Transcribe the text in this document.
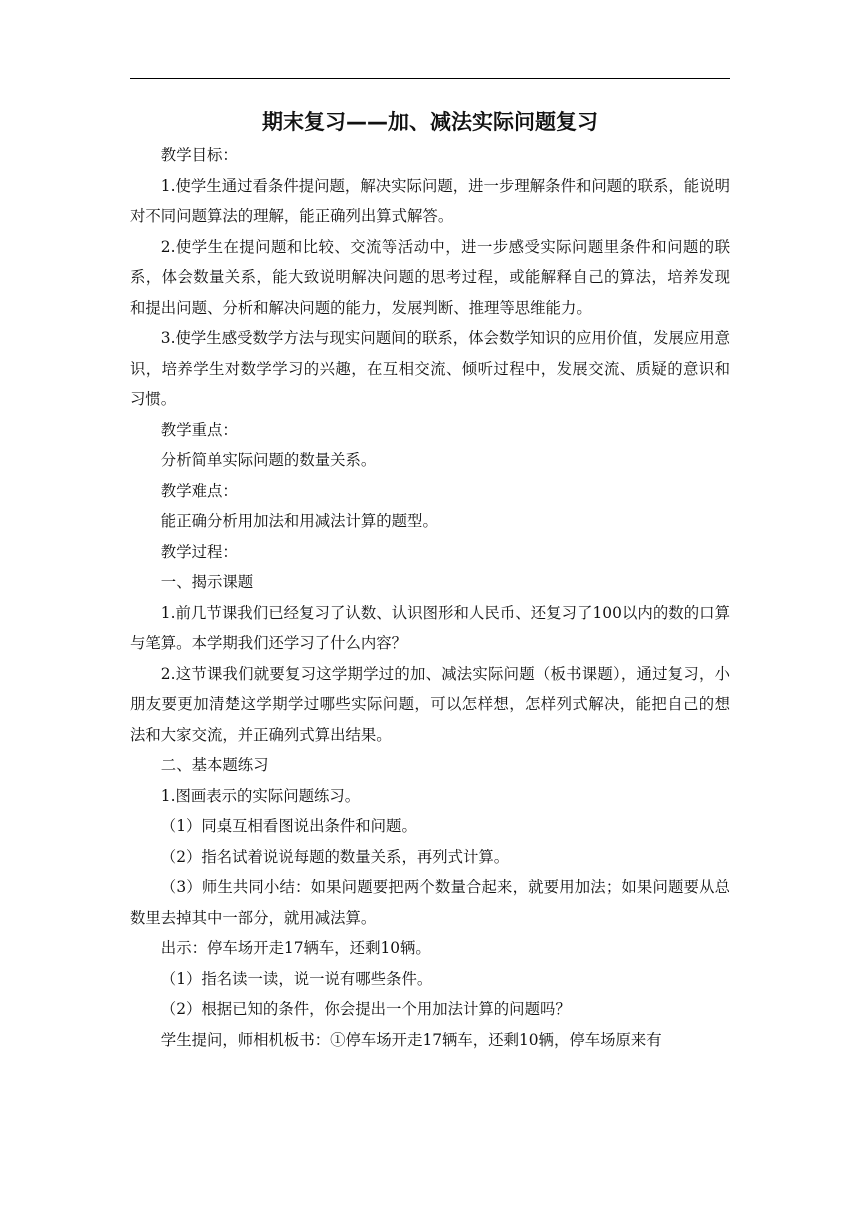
期末复习——加、减法实际问题复习

教学目标：

1.使学生通过看条件提问题，解决实际问题，进一步理解条件和问题的联系，能说明对不同问题算法的理解，能正确列出算式解答。

2.使学生在提问题和比较、交流等活动中，进一步感受实际问题里条件和问题的联系，体会数量关系，能大致说明解决问题的思考过程，或能解释自己的算法，培养发现和提出问题、分析和解决问题的能力，发展判断、推理等思维能力。

3.使学生感受数学方法与现实问题间的联系，体会数学知识的应用价值，发展应用意识，培养学生对数学学习的兴趣，在互相交流、倾听过程中，发展交流、质疑的意识和习惯。

教学重点：

分析简单实际问题的数量关系。

教学难点：

能正确分析用加法和用减法计算的题型。

教学过程：

一、揭示课题

1.前几节课我们已经复习了认数、认识图形和人民币、还复习了100以内的数的口算与笔算。本学期我们还学习了什么内容？

2.这节课我们就要复习这学期学过的加、减法实际问题（板书课题），通过复习，小朋友要更加清楚这学期学过哪些实际问题，可以怎样想，怎样列式解决，能把自己的想法和大家交流，并正确列式算出结果。

二、基本题练习

1.图画表示的实际问题练习。

（1）同桌互相看图说出条件和问题。

（2）指名试着说说每题的数量关系，再列式计算。

（3）师生共同小结：如果问题要把两个数量合起来，就要用加法；如果问题要从总数里去掉其中一部分，就用减法算。

出示：停车场开走17辆车，还剩10辆。

（1）指名读一读，说一说有哪些条件。

（2）根据已知的条件，你会提出一个用加法计算的问题吗？

学生提问，师相机板书：①停车场开走17辆车，还剩10辆，停车场原来有
